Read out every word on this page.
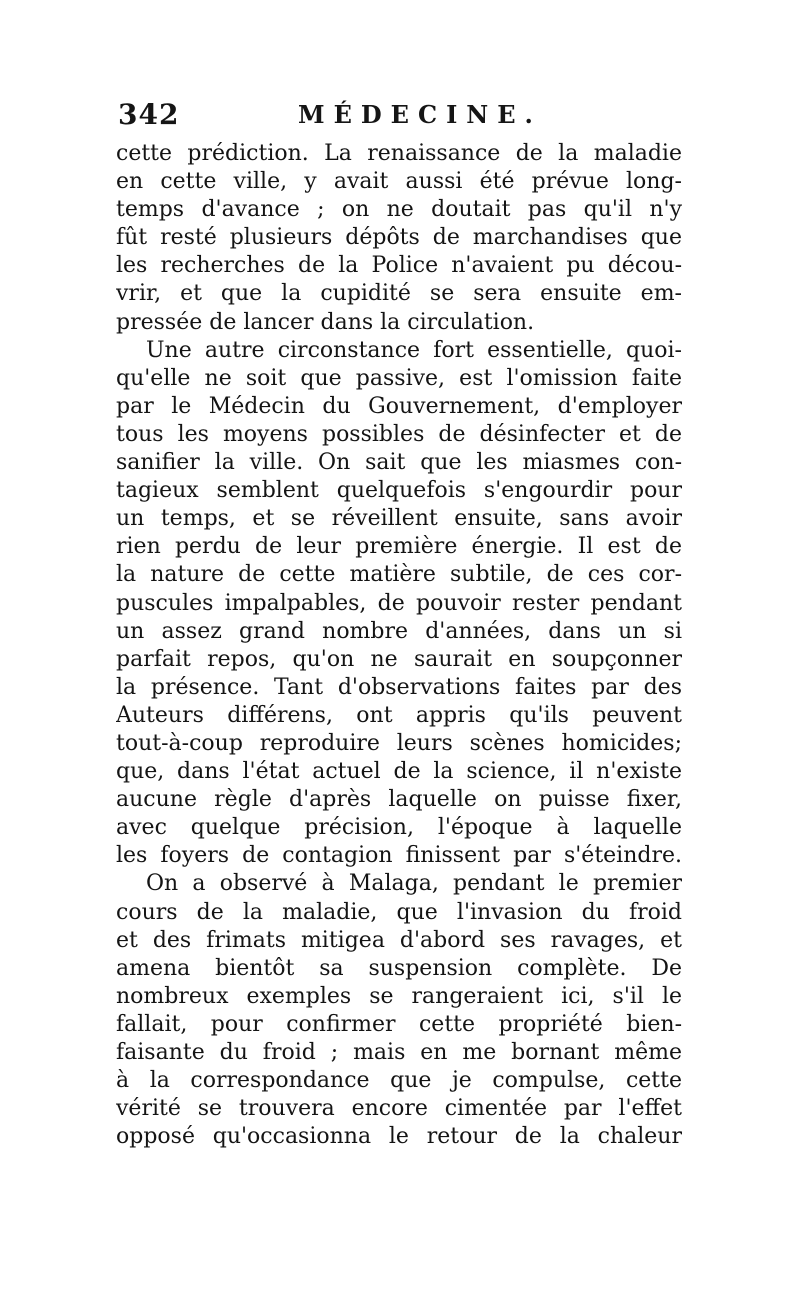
342	MÉDECINE.
cette prédiction. La renaissance de la maladie
en cette ville, y avait aussi été prévue long-
temps d'avance ; on ne doutait pas qu'il n'y
fût resté plusieurs dépôts de marchandises que
les recherches de la Police n'avaient pu décou-
vrir, et que la cupidité se sera ensuite em-
pressée de lancer dans la circulation.
Une autre circonstance fort essentielle, quoi-
qu'elle ne soit que passive, est l'omission faite
par le Médecin du Gouvernement, d'employer
tous les moyens possibles de désinfecter et de
sanifier la ville. On sait que les miasmes con-
tagieux semblent quelquefois s'engourdir pour
un temps, et se réveillent ensuite, sans avoir
rien perdu de leur première énergie. Il est de
la nature de cette matière subtile, de ces cor-
puscules impalpables, de pouvoir rester pendant
un assez grand nombre d'années, dans un si
parfait repos, qu'on ne saurait en soupçonner
la présence. Tant d'observations faites par des
Auteurs différens, ont appris qu'ils peuvent
tout-à-coup reproduire leurs scènes homicides;
que, dans l'état actuel de la science, il n'existe
aucune règle d'après laquelle on puisse fixer,
avec quelque précision, l'époque à laquelle
les foyers de contagion finissent par s'éteindre.
On a observé à Malaga, pendant le premier
cours de la maladie, que l'invasion du froid
et des frimats mitigea d'abord ses ravages, et
amena bientôt sa suspension complète. De
nombreux exemples se rangeraient ici, s'il le
fallait, pour confirmer cette propriété bien-
faisante du froid ; mais en me bornant même
à la correspondance que je compulse, cette
vérité se trouvera encore cimentée par l'effet
opposé qu'occasionna le retour de la chaleur
